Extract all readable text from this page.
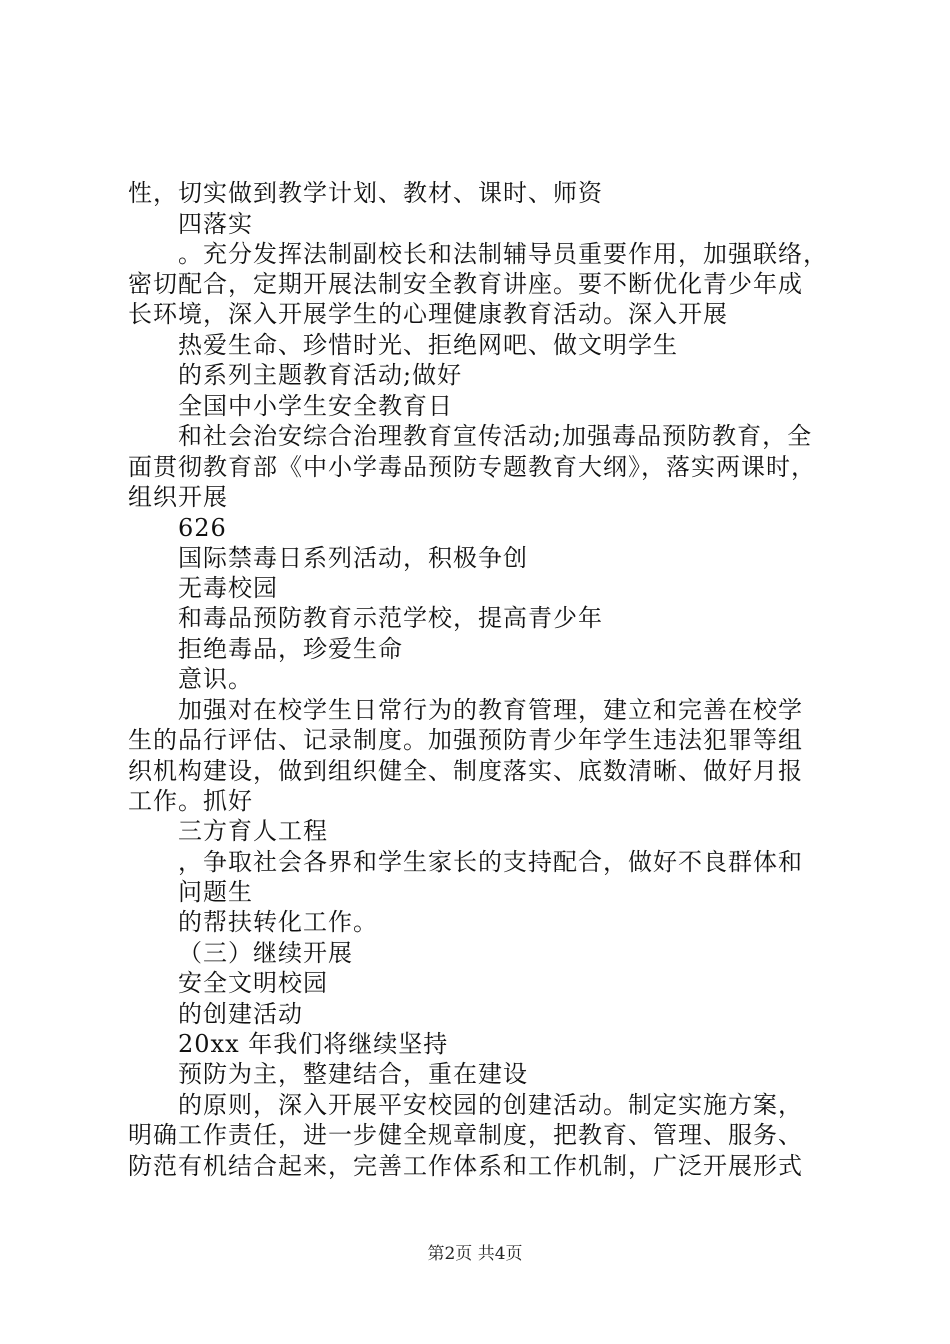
性，切实做到教学计划、教材、课时、师资
四落实
。充分发挥法制副校长和法制辅导员重要作用，加强联络，
密切配合，定期开展法制安全教育讲座。要不断优化青少年成
长环境，深入开展学生的心理健康教育活动。深入开展
热爱生命、珍惜时光、拒绝网吧、做文明学生
的系列主题教育活动;做好
全国中小学生安全教育日
和社会治安综合治理教育宣传活动;加强毒品预防教育，全
面贯彻教育部《中小学毒品预防专题教育大纲》，落实两课时，
组织开展
626
国际禁毒日系列活动，积极争创
无毒校园
和毒品预防教育示范学校，提高青少年
拒绝毒品，珍爱生命
意识。
加强对在校学生日常行为的教育管理，建立和完善在校学
生的品行评估、记录制度。加强预防青少年学生违法犯罪等组
织机构建设，做到组织健全、制度落实、底数清晰、做好月报
工作。抓好
三方育人工程
，争取社会各界和学生家长的支持配合，做好不良群体和
问题生
的帮扶转化工作。
（三）继续开展
安全文明校园
的创建活动
20xx 年我们将继续坚持
预防为主，整建结合，重在建设
的原则，深入开展平安校园的创建活动。制定实施方案，
明确工作责任，进一步健全规章制度，把教育、管理、服务、
防范有机结合起来，完善工作体系和工作机制，广泛开展形式
第2页 共4页
